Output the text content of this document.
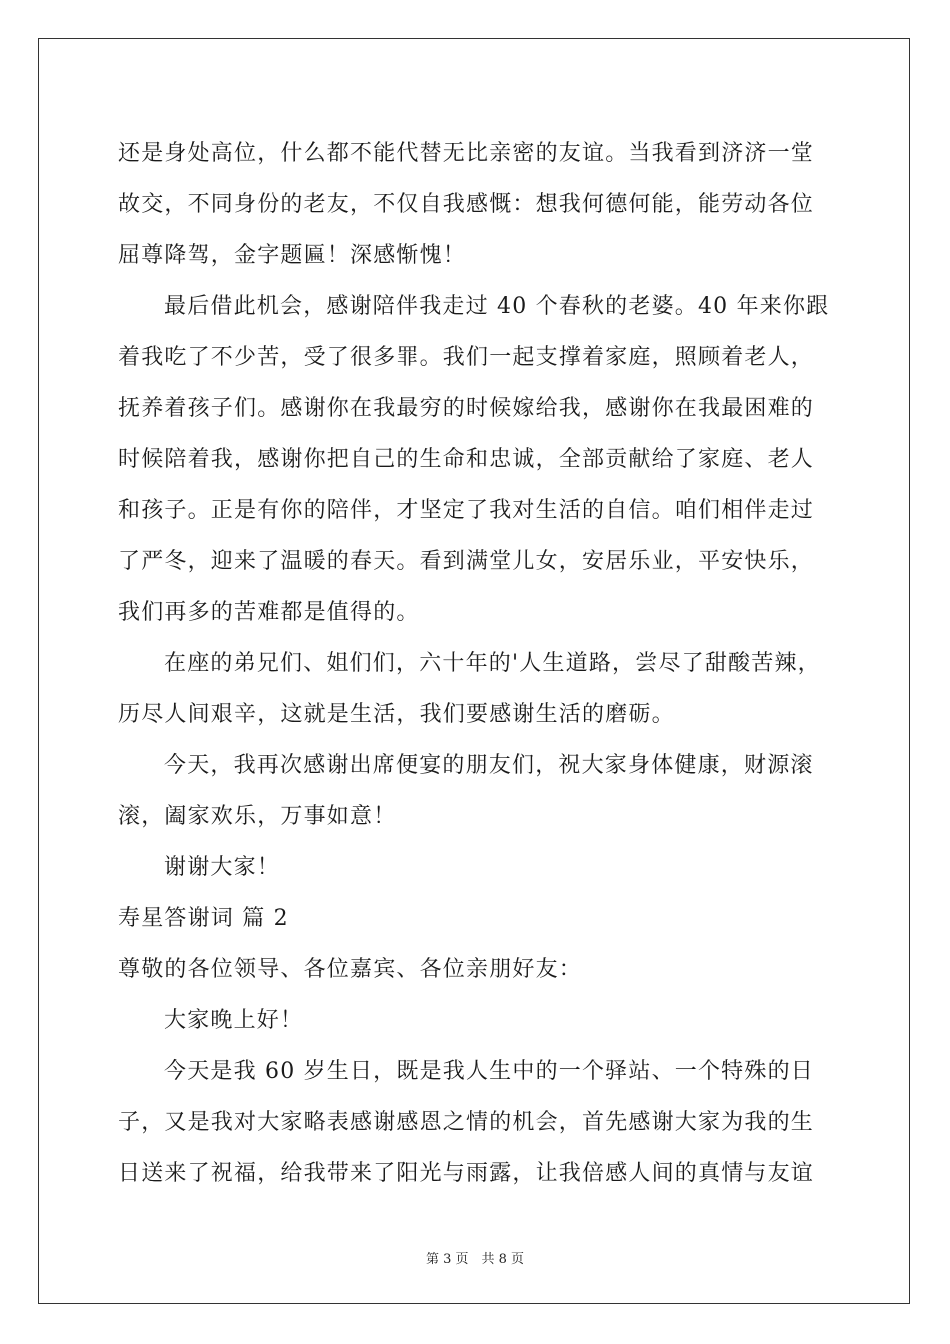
还是身处高位，什么都不能代替无比亲密的友谊。当我看到济济一堂
故交，不同身份的老友，不仅自我感慨：想我何德何能，能劳动各位
屈尊降驾，金字题匾！深感惭愧！
最后借此机会，感谢陪伴我走过 40 个春秋的老婆。40 年来你跟
着我吃了不少苦，受了很多罪。我们一起支撑着家庭，照顾着老人，
抚养着孩子们。感谢你在我最穷的时候嫁给我，感谢你在我最困难的
时候陪着我，感谢你把自己的生命和忠诚，全部贡献给了家庭、老人
和孩子。正是有你的陪伴，才坚定了我对生活的自信。咱们相伴走过
了严冬，迎来了温暖的春天。看到满堂儿女，安居乐业，平安快乐，
我们再多的苦难都是值得的。
在座的弟兄们、姐们们，六十年的'人生道路，尝尽了甜酸苦辣，
历尽人间艰辛，这就是生活，我们要感谢生活的磨砺。
今天，我再次感谢出席便宴的朋友们，祝大家身体健康，财源滚
滚，阖家欢乐，万事如意！
谢谢大家！
寿星答谢词 篇 2
尊敬的各位领导、各位嘉宾、各位亲朋好友：
大家晚上好！
今天是我 60 岁生日，既是我人生中的一个驿站、一个特殊的日
子，又是我对大家略表感谢感恩之情的机会，首先感谢大家为我的生
日送来了祝福，给我带来了阳光与雨露，让我倍感人间的真情与友谊
第 3 页　共 8 页
